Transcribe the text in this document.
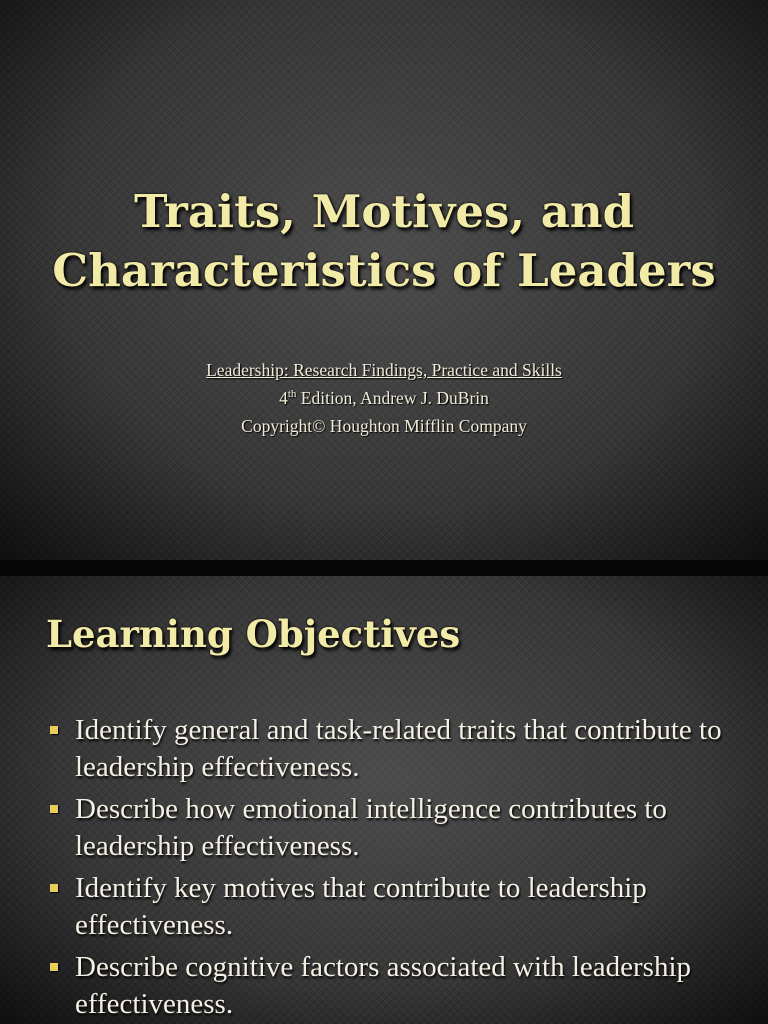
Traits, Motives, and
Characteristics of Leaders
Leadership: Research Findings, Practice and Skills
4th Edition, Andrew J. DuBrin
Copyright© Houghton Mifflin Company
Learning Objectives
Identify general and task-related traits that contribute to leadership effectiveness.
Describe how emotional intelligence contributes to leadership effectiveness.
Identify key motives that contribute to leadership effectiveness.
Describe cognitive factors associated with leadership effectiveness.
